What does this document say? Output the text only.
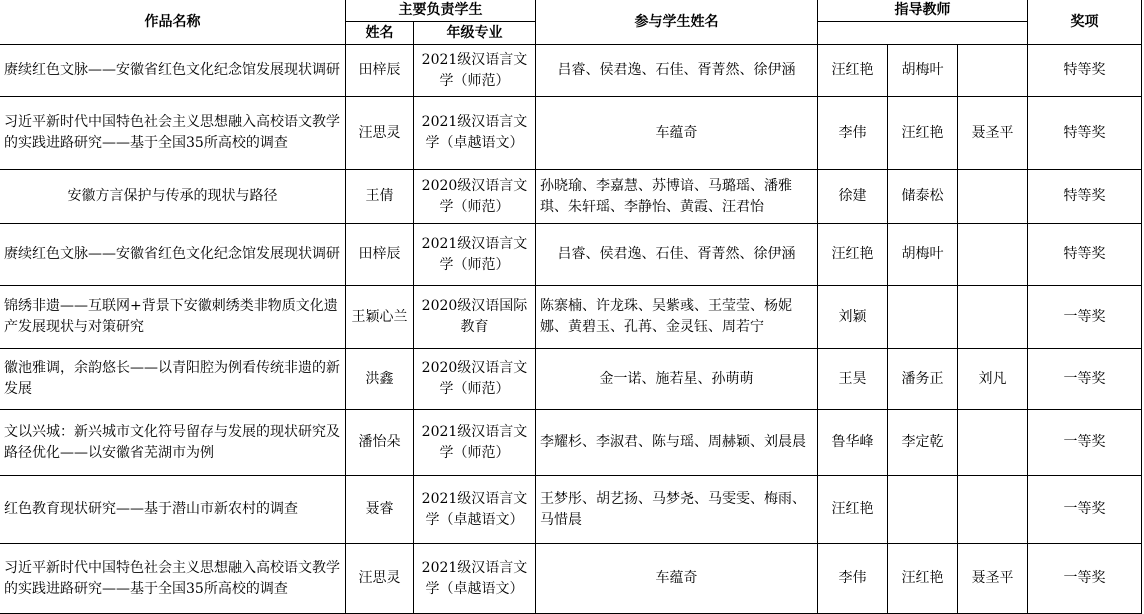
作品名称	主要负责学生		参与学生姓名	指导教师			奖项
	姓名	年级专业					
赓续红色文脉——安徽省红色文化纪念馆发展现状调研	田梓辰	2021级汉语言文学（师范）	吕睿、侯君逸、石佳、胥菁然、徐伊涵	汪红艳	胡梅叶		特等奖
习近平新时代中国特色社会主义思想融入高校语文教学的实践进路研究——基于全国35所高校的调查	汪思灵	2021级汉语言文学（卓越语文）	车蕴奇	李伟	汪红艳	聂圣平	特等奖
安徽方言保护与传承的现状与路径	王倩	2020级汉语言文学（师范）	孙晓瑜、李嘉慧、苏博谙、马璐瑶、潘雅琪、朱轩瑶、李静怡、黄霞、汪君怡	徐建	储泰松		特等奖
赓续红色文脉——安徽省红色文化纪念馆发展现状调研	田梓辰	2021级汉语言文学（师范）	吕睿、侯君逸、石佳、胥菁然、徐伊涵	汪红艳	胡梅叶		特等奖
锦绣非遗——互联网+背景下安徽刺绣类非物质文化遗产发展现状与对策研究	王颖心兰	2020级汉语国际教育	陈寨楠、许龙珠、吴紫彧、王莹莹、杨妮娜、黄碧玉、孔苒、金灵钰、周若宁	刘颖			一等奖
徽池雅调，余韵悠长——以青阳腔为例看传统非遗的新发展	洪鑫	2020级汉语言文学（师范）	金一诺、施若星、孙萌萌	王昊	潘务正	刘凡	一等奖
文以兴城：新兴城市文化符号留存与发展的现状研究及路径优化——以安徽省芜湖市为例	潘怡朵	2021级汉语言文学（师范）	李耀杉、李淑君、陈与瑶、周赫颖、刘晨晨	鲁华峰	李定乾		一等奖
红色教育现状研究——基于潜山市新农村的调查	聂睿	2021级汉语言文学（卓越语文）	王梦彤、胡艺扬、马梦尧、马雯雯、梅雨、马惜晨	汪红艳			一等奖
习近平新时代中国特色社会主义思想融入高校语文教学的实践进路研究——基于全国35所高校的调查	汪思灵	2021级汉语言文学（卓越语文）	车蕴奇	李伟	汪红艳	聂圣平	一等奖
